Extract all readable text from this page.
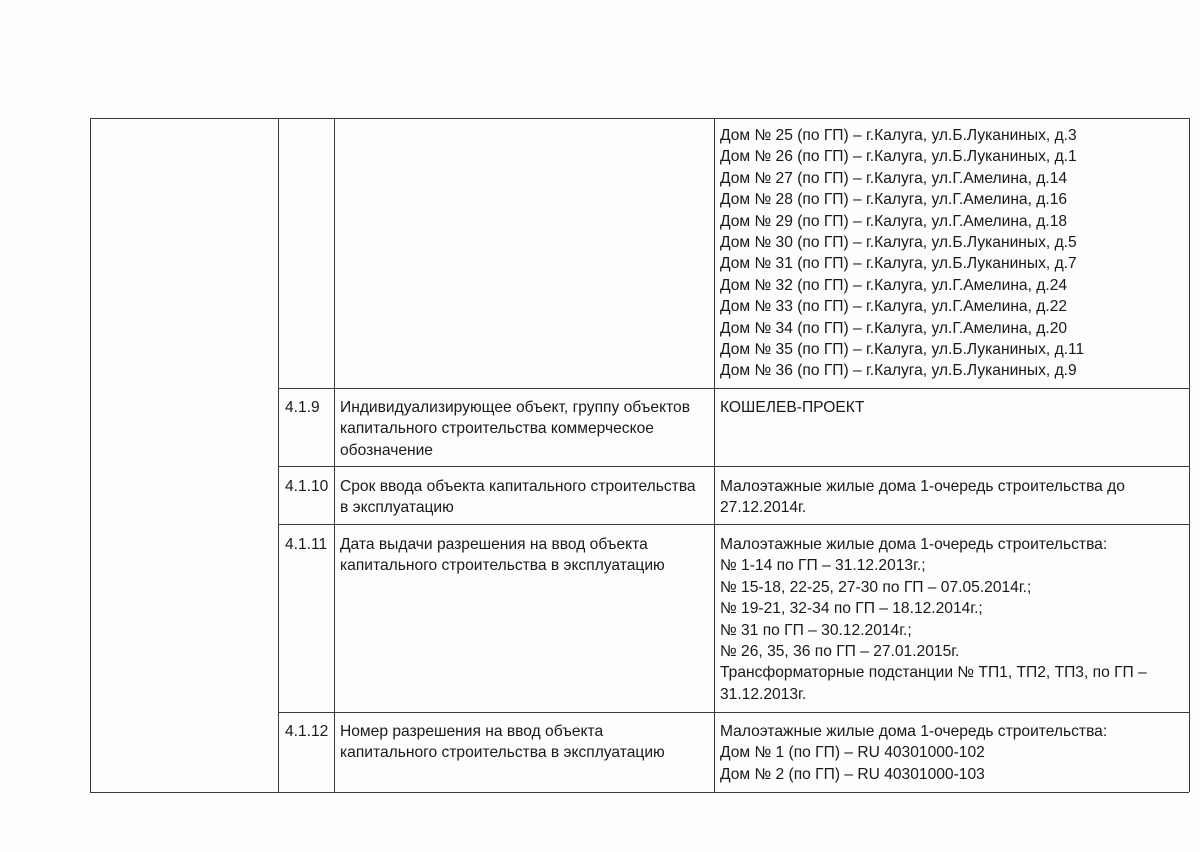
Дом № 25 (по ГП) – г.Калуга, ул.Б.Луканиных, д.3
Дом № 26 (по ГП) – г.Калуга, ул.Б.Луканиных, д.1
Дом № 27 (по ГП) – г.Калуга, ул.Г.Амелина, д.14
Дом № 28 (по ГП) – г.Калуга, ул.Г.Амелина, д.16
Дом № 29 (по ГП) – г.Калуга, ул.Г.Амелина, д.18
Дом № 30 (по ГП) – г.Калуга, ул.Б.Луканиных, д.5
Дом № 31 (по ГП) – г.Калуга, ул.Б.Луканиных, д.7
Дом № 32 (по ГП) – г.Калуга, ул.Г.Амелина, д.24
Дом № 33 (по ГП) – г.Калуга, ул.Г.Амелина, д.22
Дом № 34 (по ГП) – г.Калуга, ул.Г.Амелина, д.20
Дом № 35 (по ГП) – г.Калуга, ул.Б.Луканиных, д.11
Дом № 36 (по ГП) – г.Калуга, ул.Б.Луканиных, д.9
4.1.9 Индивидуализирующее объект, группу объектов
капитального строительства коммерческое
обозначение
КОШЕЛЕВ-ПРОЕКТ
4.1.10 Срок ввода объекта капитального строительства
в эксплуатацию
Малоэтажные жилые дома 1-очередь строительства до
27.12.2014г.
4.1.11 Дата выдачи разрешения на ввод объекта
капитального строительства в эксплуатацию
Малоэтажные жилые дома 1-очередь строительства:
№ 1-14 по ГП – 31.12.2013г.;
№ 15-18, 22-25, 27-30 по ГП – 07.05.2014г.;
№ 19-21, 32-34 по ГП – 18.12.2014г.;
№ 31 по ГП – 30.12.2014г.;
№ 26, 35, 36 по ГП – 27.01.2015г.
Трансформаторные подстанции № ТП1, ТП2, ТП3, по ГП –
31.12.2013г.
4.1.12 Номер разрешения на ввод объекта
капитального строительства в эксплуатацию
Малоэтажные жилые дома 1-очередь строительства:
Дом № 1 (по ГП) – RU 40301000-102
Дом № 2 (по ГП) – RU 40301000-103
